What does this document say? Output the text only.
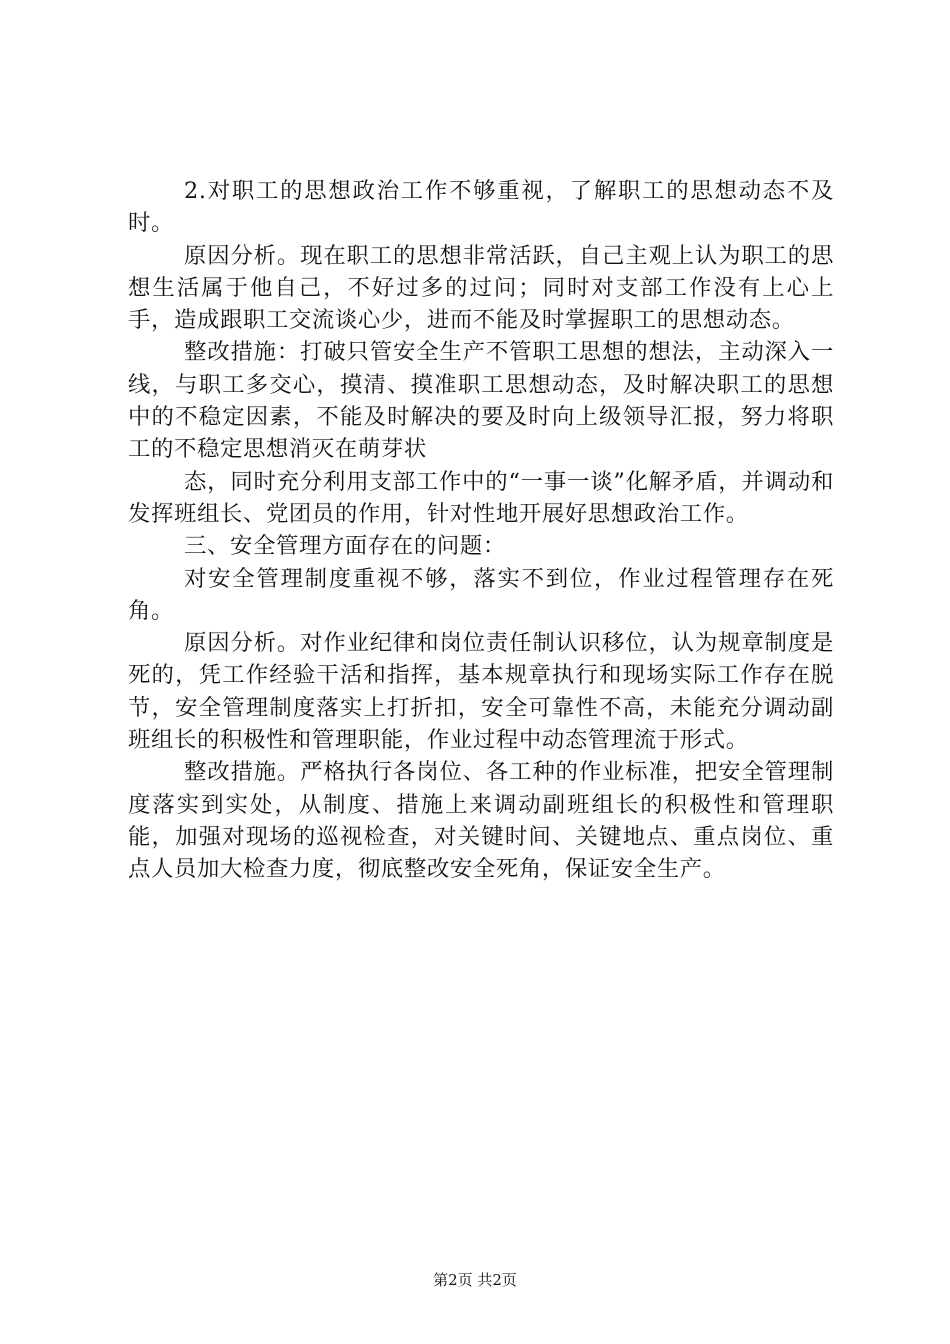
2.对职工的思想政治工作不够重视，了解职工的思想动态不及时。

原因分析。现在职工的思想非常活跃，自己主观上认为职工的思想生活属于他自己，不好过多的过问；同时对支部工作没有上心上手，造成跟职工交流谈心少，进而不能及时掌握职工的思想动态。

整改措施：打破只管安全生产不管职工思想的想法，主动深入一线，与职工多交心，摸清、摸准职工思想动态，及时解决职工的思想中的不稳定因素，不能及时解决的要及时向上级领导汇报，努力将职工的不稳定思想消灭在萌芽状

态，同时充分利用支部工作中的“一事一谈”化解矛盾，并调动和发挥班组长、党团员的作用，针对性地开展好思想政治工作。

三、安全管理方面存在的问题：

对安全管理制度重视不够，落实不到位，作业过程管理存在死角。

原因分析。对作业纪律和岗位责任制认识移位，认为规章制度是死的，凭工作经验干活和指挥，基本规章执行和现场实际工作存在脱节，安全管理制度落实上打折扣，安全可靠性不高，未能充分调动副班组长的积极性和管理职能，作业过程中动态管理流于形式。

整改措施。严格执行各岗位、各工种的作业标准，把安全管理制度落实到实处，从制度、措施上来调动副班组长的积极性和管理职能，加强对现场的巡视检查，对关键时间、关键地点、重点岗位、重点人员加大检查力度，彻底整改安全死角，保证安全生产。

第2页 共2页
